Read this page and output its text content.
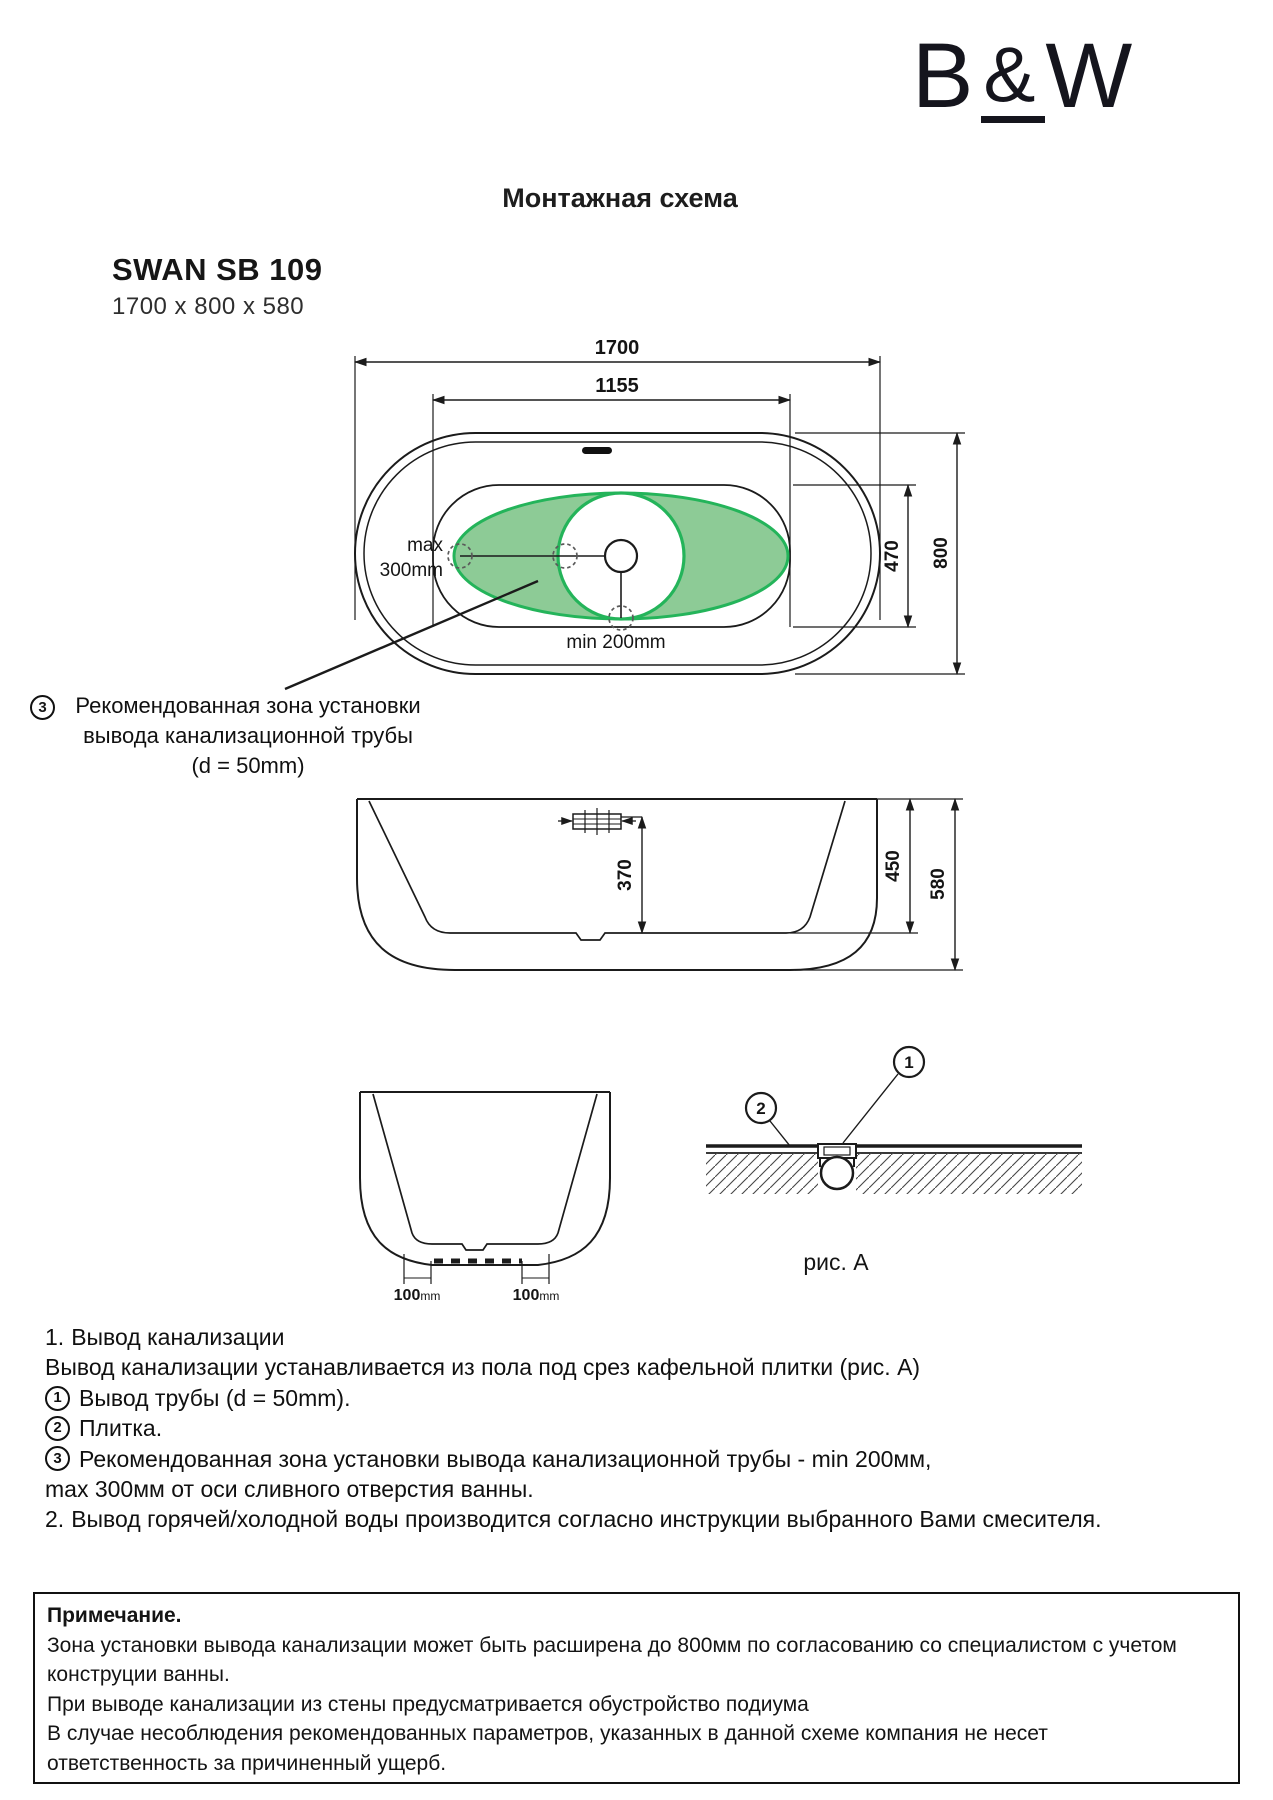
B&W
Монтажная схема
SWAN SB 109
1700 x 800 x 580
1700
1155
800
470
max
300mm
min 200mm
370	450
580
100mm	100mm
1
2
рис. А
3	Рекомендованная зона установки
вывода канализационной трубы
(d = 50mm)
1. Вывод канализации
Вывод канализации устанавливается из пола под срез кафельной плитки (рис. А)
1 Вывод трубы (d = 50mm).
2 Плитка.
3 Рекомендованная зона установки вывода канализационной трубы - min 200мм,
max 300мм от оси сливного отверстия ванны.
2. Вывод горячей/холодной воды производится согласно инструкции выбранного Вами смесителя.
Примечание.
Зона установки вывода канализации может быть расширена до 800мм по согласованию со специалистом с учетом
конструции ванны.
При выводе канализации из стены предусматривается обустройство подиума
В случае несоблюдения рекомендованных параметров, указанных в данной схеме компания не несет
ответственность за причиненный ущерб.
